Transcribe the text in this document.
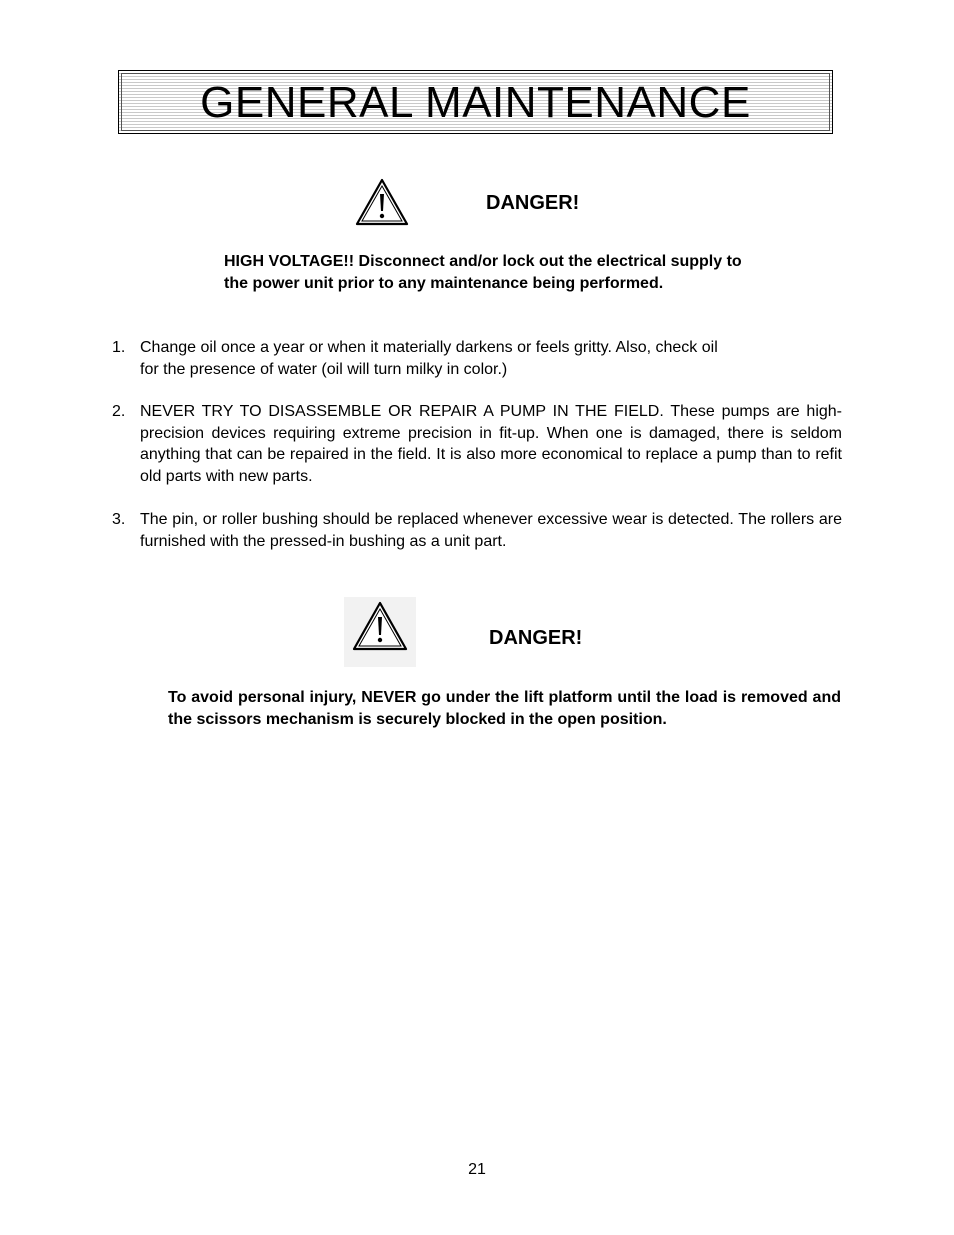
GENERAL MAINTENANCE
DANGER!
HIGH VOLTAGE!! Disconnect and/or lock out the electrical supply to
the power unit prior to any maintenance being performed.
1. Change oil once a year or when it materially darkens or feels gritty. Also, check oil
for the presence of water (oil will turn milky in color.)
2. NEVER TRY TO DISASSEMBLE OR REPAIR A PUMP IN THE FIELD. These pumps are high-precision devices requiring extreme precision in fit-up. When one is damaged, there is seldom anything that can be repaired in the field. It is also more economical to replace a pump than to refit old parts with new parts.
3. The pin, or roller bushing should be replaced whenever excessive wear is detected. The rollers are furnished with the pressed-in bushing as a unit part.
DANGER!
To avoid personal injury, NEVER go under the lift platform until the load is removed and the scissors mechanism is securely blocked in the open position.
21
